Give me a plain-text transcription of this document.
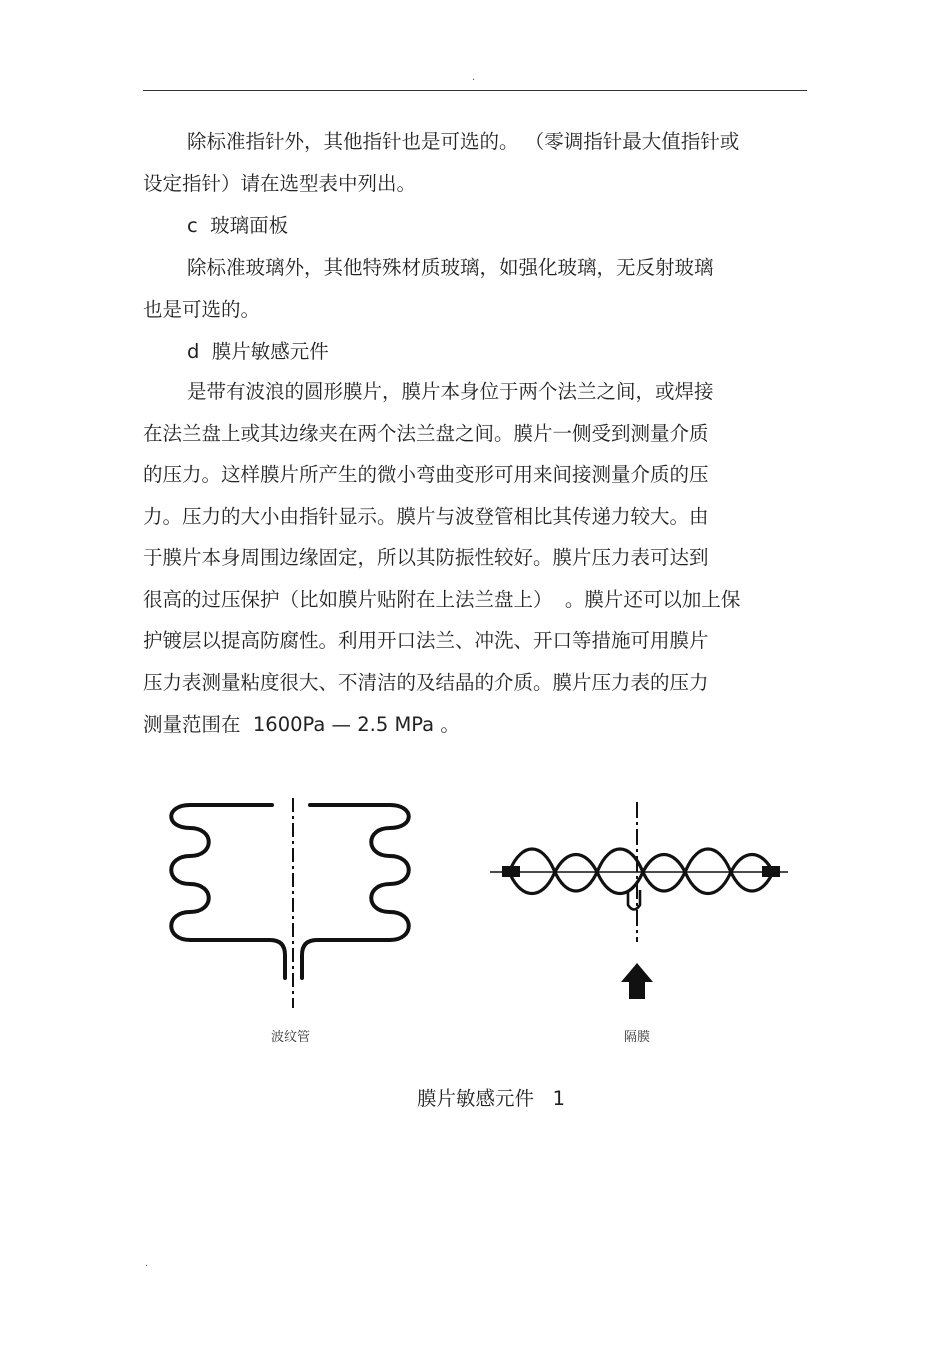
.
除标准指针外，其他指针也是可选的。 （零调指针最大值指针或
设定指针）请在选型表中列出。
c  玻璃面板
除标准玻璃外，其他特殊材质玻璃，如强化玻璃，无反射玻璃
也是可选的。
d  膜片敏感元件
是带有波浪的圆形膜片，膜片本身位于两个法兰之间，或焊接
在法兰盘上或其边缘夹在两个法兰盘之间。膜片一侧受到测量介质
的压力。这样膜片所产生的微小弯曲变形可用来间接测量介质的压
力。压力的大小由指针显示。膜片与波登管相比其传递力较大。由
于膜片本身周围边缘固定，所以其防振性较好。膜片压力表可达到
很高的过压保护（比如膜片贴附在上法兰盘上）  。膜片还可以加上保
护镀层以提高防腐性。利用开口法兰、冲洗、开口等措施可用膜片
压力表测量粘度很大、不清洁的及结晶的介质。膜片压力表的压力
测量范围在  1600Pa — 2.5 MPa 。
波纹管	隔膜
膜片敏感元件   1
.
